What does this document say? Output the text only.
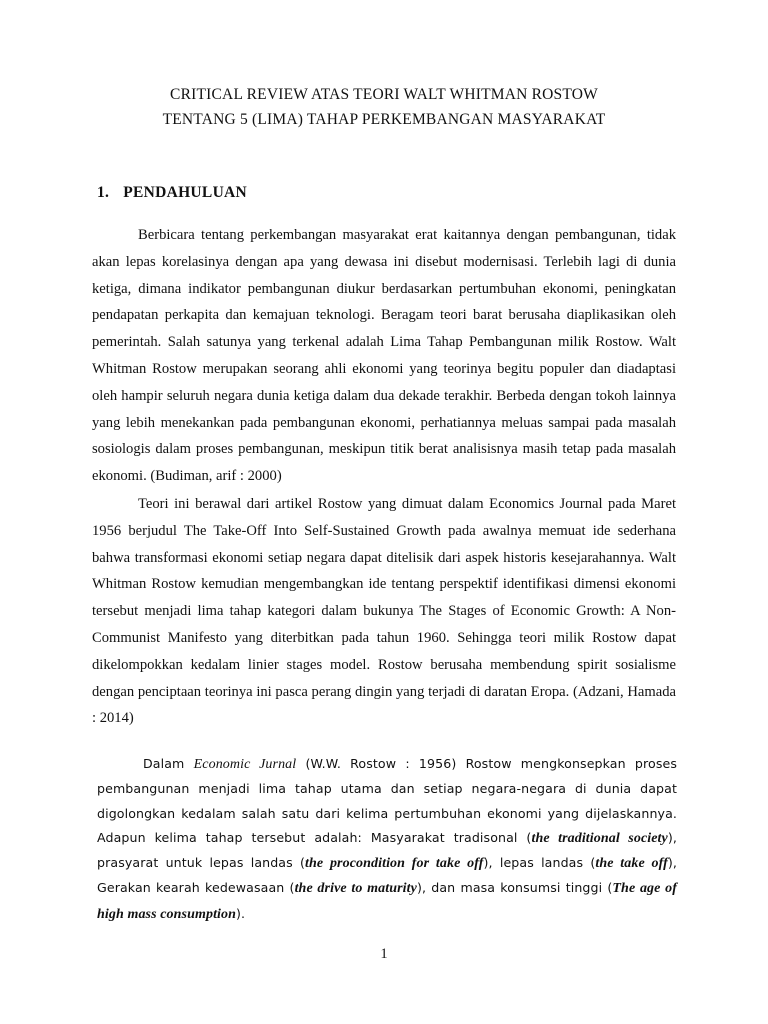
CRITICAL REVIEW ATAS TEORI WALT WHITMAN ROSTOW

TENTANG 5 (LIMA) TAHAP PERKEMBANGAN MASYARAKAT

1. PENDAHULUAN

Berbicara tentang perkembangan masyarakat erat kaitannya dengan pembangunan, tidak akan lepas korelasinya dengan apa yang dewasa ini disebut modernisasi. Terlebih lagi di dunia ketiga, dimana indikator pembangunan diukur berdasarkan pertumbuhan ekonomi, peningkatan pendapatan perkapita dan kemajuan teknologi. Beragam teori barat berusaha diaplikasikan oleh pemerintah. Salah satunya yang terkenal adalah Lima Tahap Pembangunan milik Rostow. Walt Whitman Rostow merupakan seorang ahli ekonomi yang teorinya begitu populer dan diadaptasi oleh hampir seluruh negara dunia ketiga dalam dua dekade terakhir. Berbeda dengan tokoh lainnya yang lebih menekankan pada pembangunan ekonomi, perhatiannya meluas sampai pada masalah sosiologis dalam proses pembangunan, meskipun titik berat analisisnya masih tetap pada masalah ekonomi. (Budiman, arif : 2000)

Teori ini berawal dari artikel Rostow yang dimuat dalam Economics Journal pada Maret 1956 berjudul The Take-Off Into Self-Sustained Growth pada awalnya memuat ide sederhana bahwa transformasi ekonomi setiap negara dapat ditelisik dari aspek historis kesejarahannya. Walt Whitman Rostow kemudian mengembangkan ide tentang perspektif identifikasi dimensi ekonomi tersebut menjadi lima tahap kategori dalam bukunya The Stages of Economic Growth: A Non-Communist Manifesto yang diterbitkan pada tahun 1960. Sehingga teori milik Rostow dapat dikelompokkan kedalam linier stages model. Rostow berusaha membendung spirit sosialisme dengan penciptaan teorinya ini pasca perang dingin yang terjadi di daratan Eropa. (Adzani, Hamada : 2014)

Dalam Economic Jurnal (W.W. Rostow : 1956) Rostow mengkonsepkan proses pembangunan menjadi lima tahap utama dan setiap negara-negara di dunia dapat digolongkan kedalam salah satu dari kelima pertumbuhan ekonomi yang dijelaskannya. Adapun kelima tahap tersebut adalah: Masyarakat tradisonal (the traditional society), prasyarat untuk lepas landas (the procondition for take off), lepas landas (the take off), Gerakan kearah kedewasaan (the drive to maturity), dan masa konsumsi tinggi (The age of high mass consumption).

1
